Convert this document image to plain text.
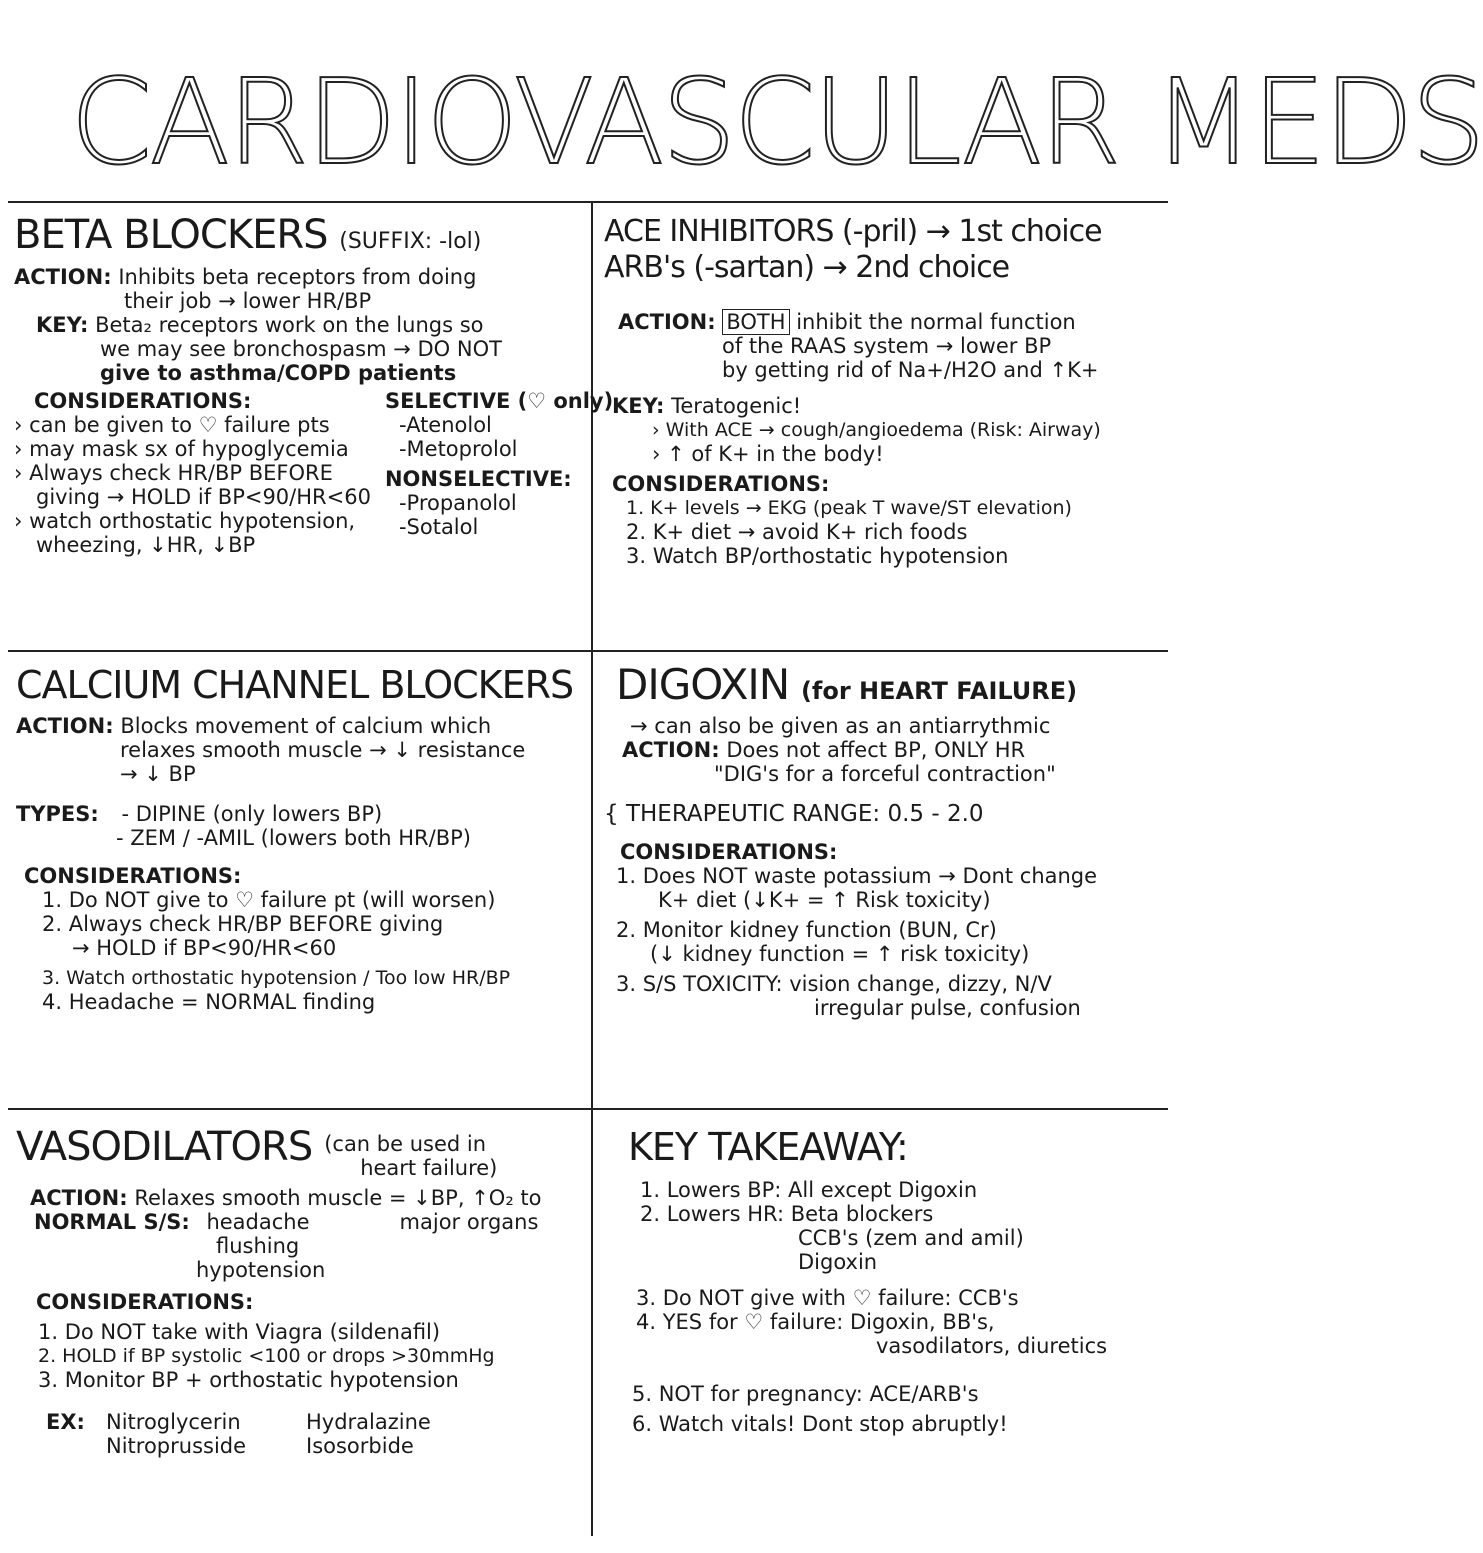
CARDIOVASCULAR MEDS
BETA BLOCKERS (SUFFIX: -lol)
ACTION: Inhibits beta receptors from doing
their job → lower HR/BP
KEY: Beta₂ receptors work on the lungs so
we may see bronchospasm → DO NOT
give to asthma/COPD patients
CONSIDERATIONS:
› can be given to ♡ failure pts
› may mask sx of hypoglycemia
› Always check HR/BP BEFORE
giving → HOLD if BP<90/HR<60
› watch orthostatic hypotension,
wheezing, ↓HR, ↓BP
SELECTIVE (♡ only)
-Atenolol
-Metoprolol
NONSELECTIVE:
-Propanolol
-Sotalol
ACE INHIBITORS (-pril) → 1st choice
ARB's (-sartan) → 2nd choice
ACTION: BOTH inhibit the normal function
of the RAAS system → lower BP
by getting rid of Na+/H2O and ↑K+
KEY: Teratogenic!
› With ACE → cough/angioedema (Risk: Airway)
› ↑ of K+ in the body!
CONSIDERATIONS:
1. K+ levels → EKG (peak T wave/ST elevation)
2. K+ diet → avoid K+ rich foods
3. Watch BP/orthostatic hypotension
CALCIUM CHANNEL BLOCKERS
ACTION: Blocks movement of calcium which
relaxes smooth muscle → ↓ resistance
→ ↓ BP
TYPES: - DIPINE (only lowers BP)
- ZEM / -AMIL (lowers both HR/BP)
CONSIDERATIONS:
1. Do NOT give to ♡ failure pt (will worsen)
2. Always check HR/BP BEFORE giving
→ HOLD if BP<90/HR<60
3. Watch orthostatic hypotension / Too low HR/BP
4. Headache = NORMAL finding
DIGOXIN (for HEART FAILURE)
→ can also be given as an antiarrythmic
ACTION: Does not affect BP, ONLY HR
"DIG's for a forceful contraction"
{ THERAPEUTIC RANGE: 0.5 - 2.0
CONSIDERATIONS:
1. Does NOT waste potassium → Dont change
K+ diet (↓K+ = ↑ Risk toxicity)
2. Monitor kidney function (BUN, Cr)
(↓ kidney function = ↑ risk toxicity)
3. S/S TOXICITY: vision change, dizzy, N/V
irregular pulse, confusion
VASODILATORS (can be used in
heart failure)
ACTION: Relaxes smooth muscle = ↓BP, ↑O₂ to
NORMAL S/S: headache	major organs
flushing
hypotension
CONSIDERATIONS:
1. Do NOT take with Viagra (sildenafil)
2. HOLD if BP systolic <100 or drops >30mmHg
3. Monitor BP + orthostatic hypotension
EX:	Nitroglycerin
Nitroprusside
Hydralazine
Isosorbide
KEY TAKEAWAY:
1. Lowers BP: All except Digoxin
2. Lowers HR: Beta blockers
CCB's (zem and amil)
Digoxin
3. Do NOT give with ♡ failure: CCB's
4. YES for ♡ failure: Digoxin, BB's,
vasodilators, diuretics
5. NOT for pregnancy: ACE/ARB's
6. Watch vitals! Dont stop abruptly!
